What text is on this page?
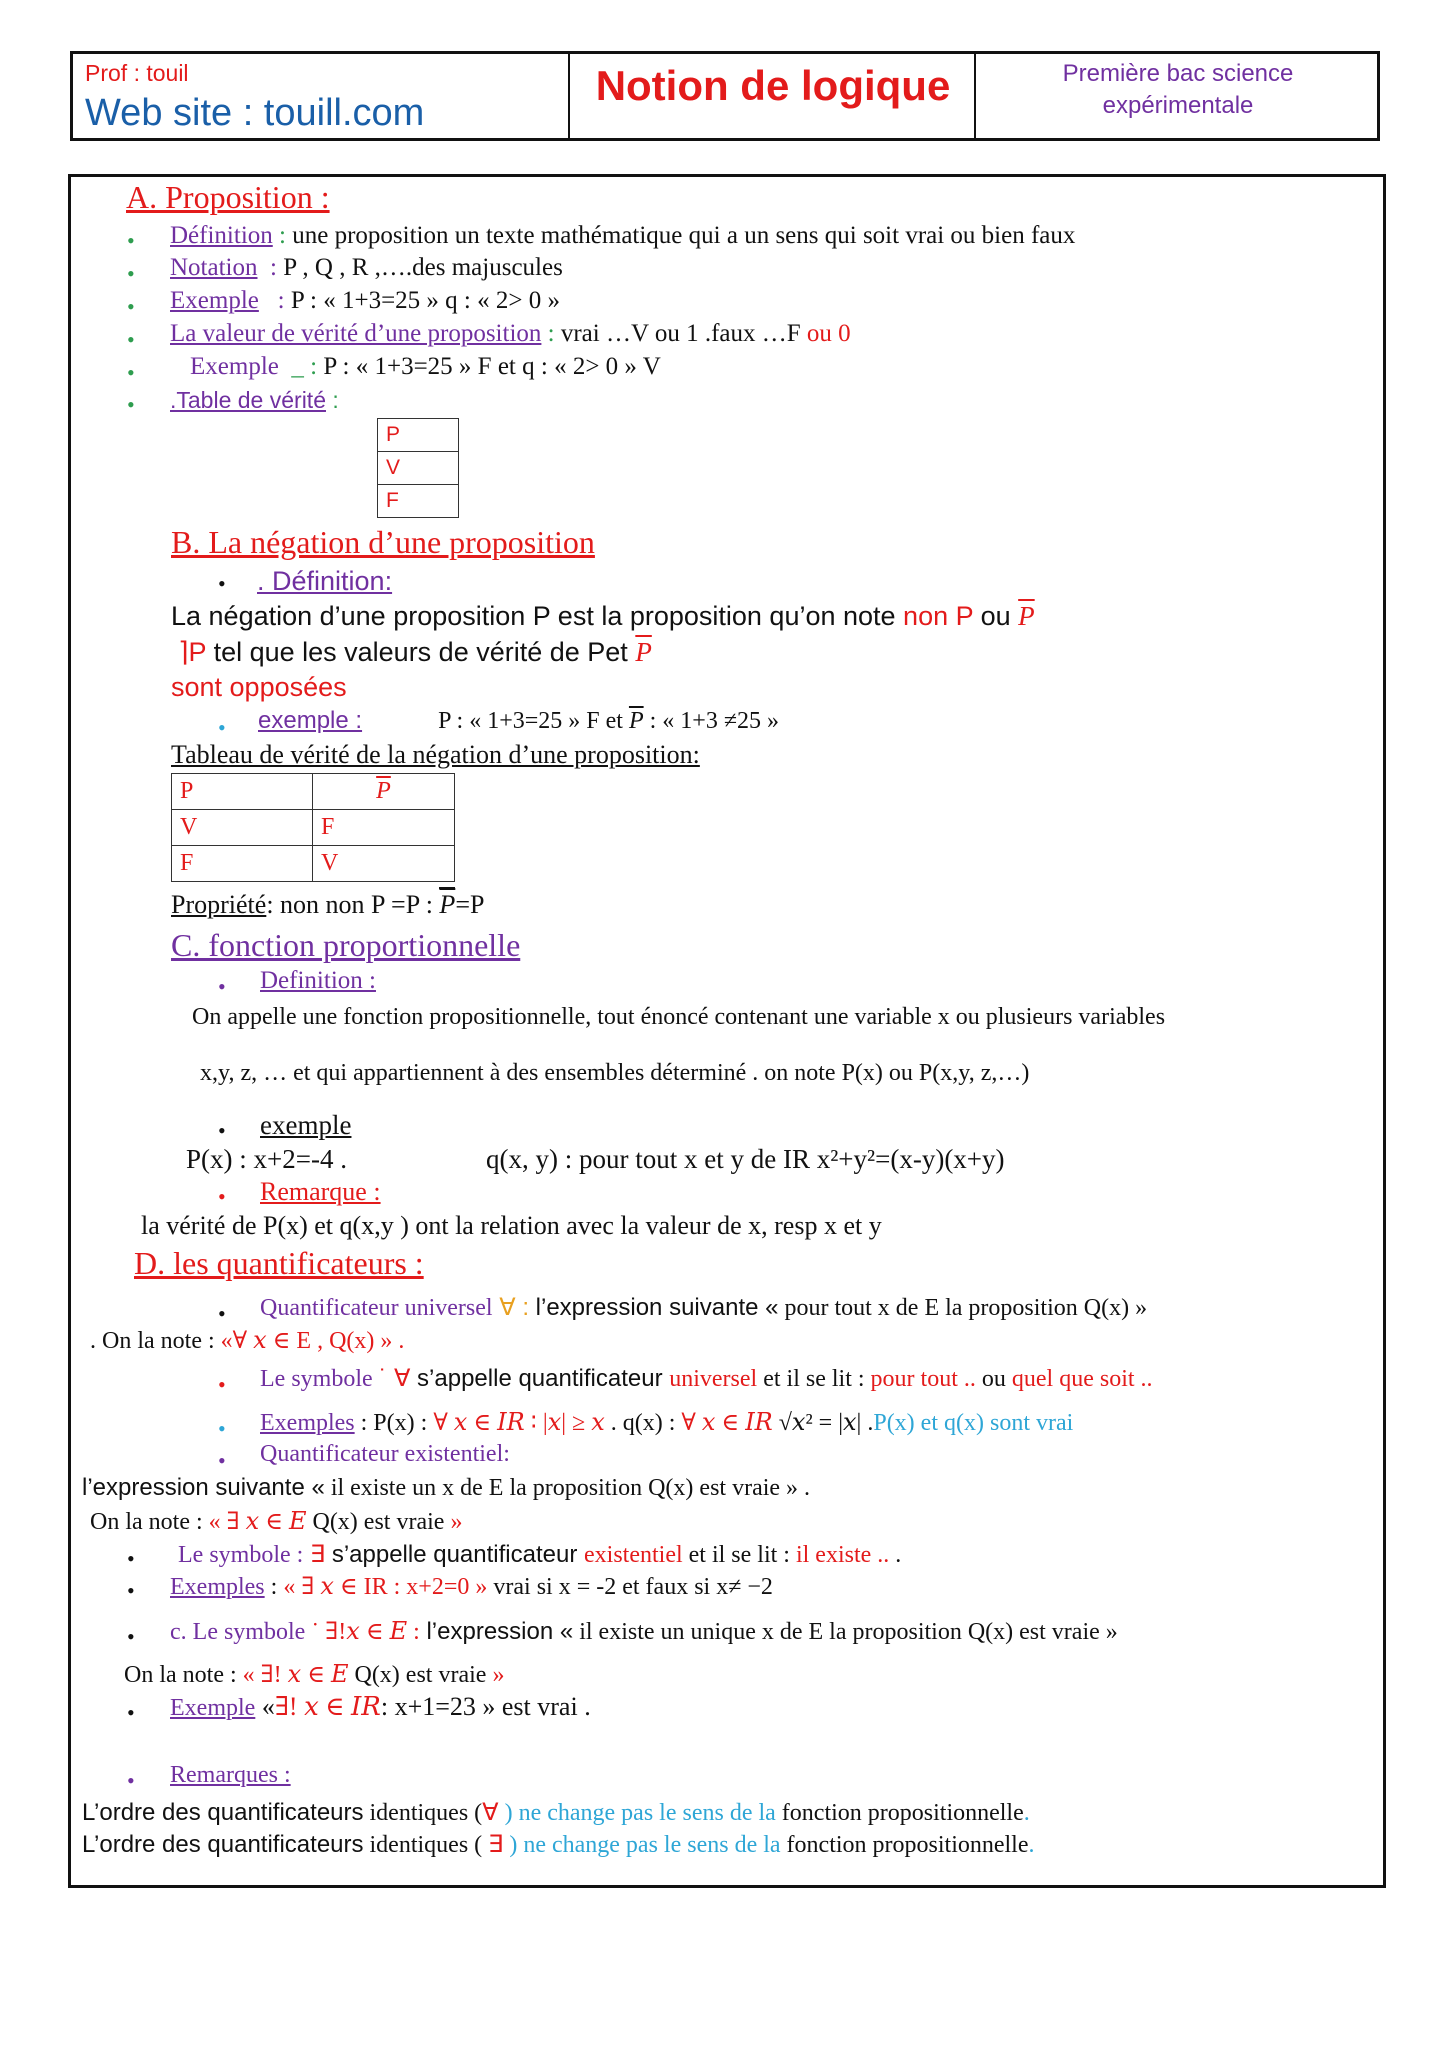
Prof : touil
Web site : touill.com
Notion de logique	Première bac science
expérimentale
A. Proposition :
• Définition : une proposition un texte mathématique qui a un sens qui soit vrai ou bien faux
• Notation  : P , Q , R ,….des majuscules
• Exemple   : P : « 1+3=25 » q : « 2> 0 »
• La valeur de vérité d’une proposition : vrai …V ou 1 .faux …F ou 0
• Exemple  _ : P : « 1+3=25 » F et q : « 2> 0 » V
• .Table de vérité :
P
V
F
B. La négation d’une proposition
• . Définition:
La négation d’une proposition P est la proposition qu’on note non P ou $\overline{P}$
⌉P tel que les valeurs de vérité de Pet $\overline{P}$
sont opposées
• exemple :	P : « 1+3=25 » F et $\overline{P}$ : « 1+3 ≠25 »
Tableau de vérité de la négation d’une proposition:
P	$\overline{P}$
V	F
F	V
Propriété: non non P =P : $\overline{P}=P$
C. fonction proportionnelle
• Definition :
On appelle une fonction propositionnelle, tout énoncé contenant une variable x ou plusieurs variables
x,y, z, … et qui appartiennent à des ensembles déterminé . on note P(x) ou P(x,y, z,…)
• exemple
P(x) : x+2=-4 .	q(x, y) : pour tout x et y de IR x²+y²=(x-y)(x+y)
• Remarque :
la vérité de P(x) et q(x,y ) ont la relation avec la valeur de x, resp x et y
D. les quantificateurs :
• Quantificateur universel ∀ : l’expression suivante « pour tout x de E la proposition Q(x) »
. On la note : «∀ 𝑥 ∈ E , Q(x) » .
• Le symbole ˙ ∀ s’appelle quantificateur universel et il se lit : pour tout .. ou quel que soit ..
• Exemples : P(x) : ∀ 𝑥 ∈ 𝐼𝑅 ∶ |𝑥| ≥ 𝑥 . q(x) : ∀ 𝑥 ∈ 𝐼𝑅 √𝑥² = |𝑥| .P(x) et q(x) sont vrai
• Quantificateur existentiel:
l’expression suivante « il existe un x de E la proposition Q(x) est vraie » .
On la note : « ∃ 𝑥 ∈ 𝐸 Q(x) est vraie »
• Le symbole : ∃ s’appelle quantificateur existentiel et il se lit : il existe .. .
• Exemples : « ∃ 𝑥 ∈ IR : x+2=0 » vrai si x = -2 et faux si x≠ −2
• c. Le symbole ˙ ∃!𝑥 ∈ 𝐸 : l’expression « il existe un unique x de E la proposition Q(x) est vraie »
On la note : « ∃! 𝑥 ∈ 𝐸 Q(x) est vraie »
• Exemple «∃! 𝑥 ∈ 𝐼𝑅: x+1=23 » est vrai .
• Remarques :
L’ordre des quantificateurs identiques (∀ ) ne change pas le sens de la fonction propositionnelle.
L’ordre des quantificateurs identiques ( ∃ ) ne change pas le sens de la fonction propositionnelle.
